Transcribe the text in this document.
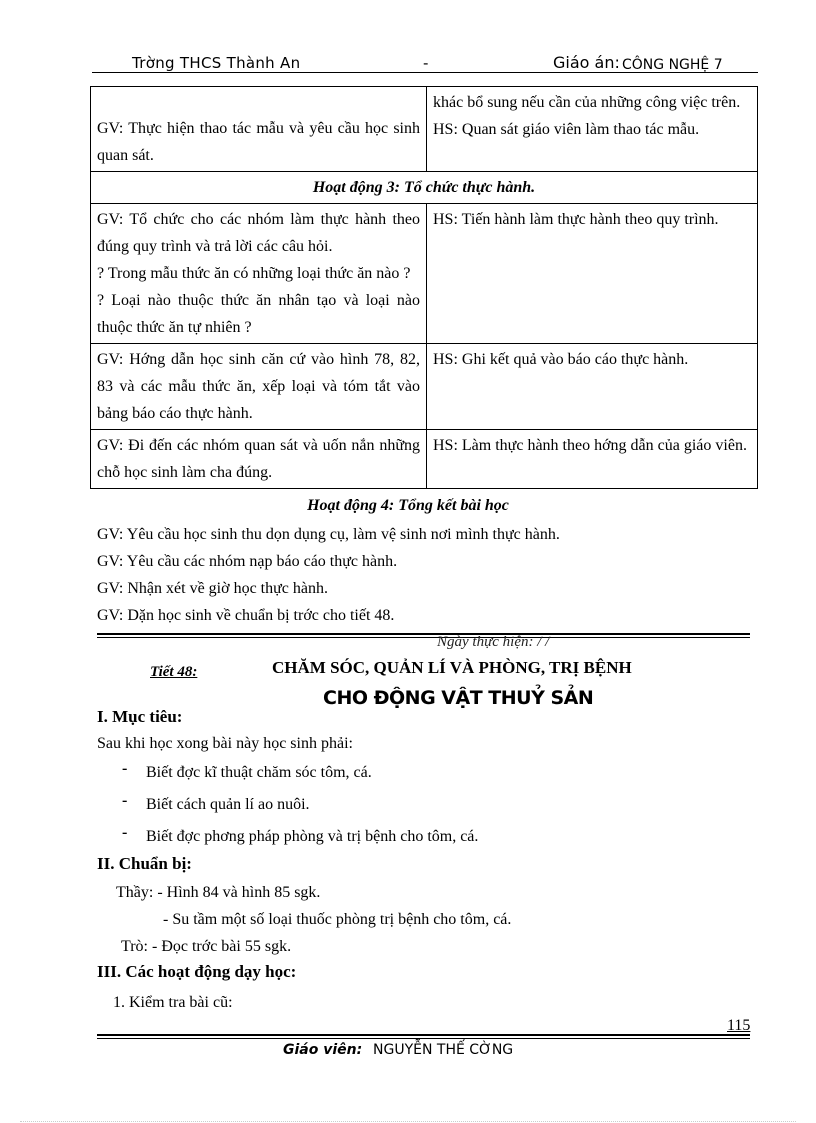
Trờng THCS Thành An	-	Giáo án: CÔNG NGHỆ 7
GV: Thực hiện thao tác mẫu và yêu cầu học sinh quan sát.	khác bổ sung nếu cần của những công việc trên.
HS: Quan sát giáo viên làm thao tác mẫu.
Hoạt động 3: Tổ chức thực hành.	
GV: Tổ chức cho các nhóm làm thực hành theo đúng quy trình và trả lời các câu hỏi.
? Trong mẫu thức ăn có những loại thức ăn nào ?
? Loại nào thuộc thức ăn nhân tạo và loại nào thuộc thức ăn tự nhiên ?	HS: Tiến hành làm thực hành theo quy trình.
GV: Hớng dẫn học sinh căn cứ vào hình 78, 82, 83 và các mẫu thức ăn, xếp loại và tóm tắt vào bảng báo cáo thực hành.	HS: Ghi kết quả vào báo cáo thực hành.
GV: Đi đến các nhóm quan sát và uốn nắn những chỗ học sinh làm cha đúng.	HS: Làm thực hành theo hớng dẫn của giáo viên.
Hoạt động 4: Tổng kết bài học
GV: Yêu cầu học sinh thu dọn dụng cụ, làm vệ sinh nơi mình thực hành.
GV: Yêu cầu các nhóm nạp báo cáo thực hành.
GV: Nhận xét về giờ học thực hành.
GV: Dặn học sinh về chuẩn bị trớc cho tiết 48.
Ngày thực hiện: / /
Tiết 48:	CHĂM SÓC, QUẢN LÍ VÀ PHÒNG, TRỊ BỆNH
CHO ĐỘNG VẬT THUỶ SẢN
I. Mục tiêu:
Sau khi học xong bài này học sinh phải:
- Biết đợc kĩ thuật chăm sóc tôm, cá.
- Biết cách quản lí ao nuôi.
- Biết đợc phơng pháp phòng và trị bệnh cho tôm, cá.
II. Chuẩn bị:
Thầy: - Hình 84 và hình 85 sgk.
- Su tầm một số loại thuốc phòng trị bệnh cho tôm, cá.
Trò: - Đọc trớc bài 55 sgk.
III. Các hoạt động dạy học:
1. Kiểm tra bài cũ:
115
Giáo viên: NGUYỄN THẾ CỜNG
